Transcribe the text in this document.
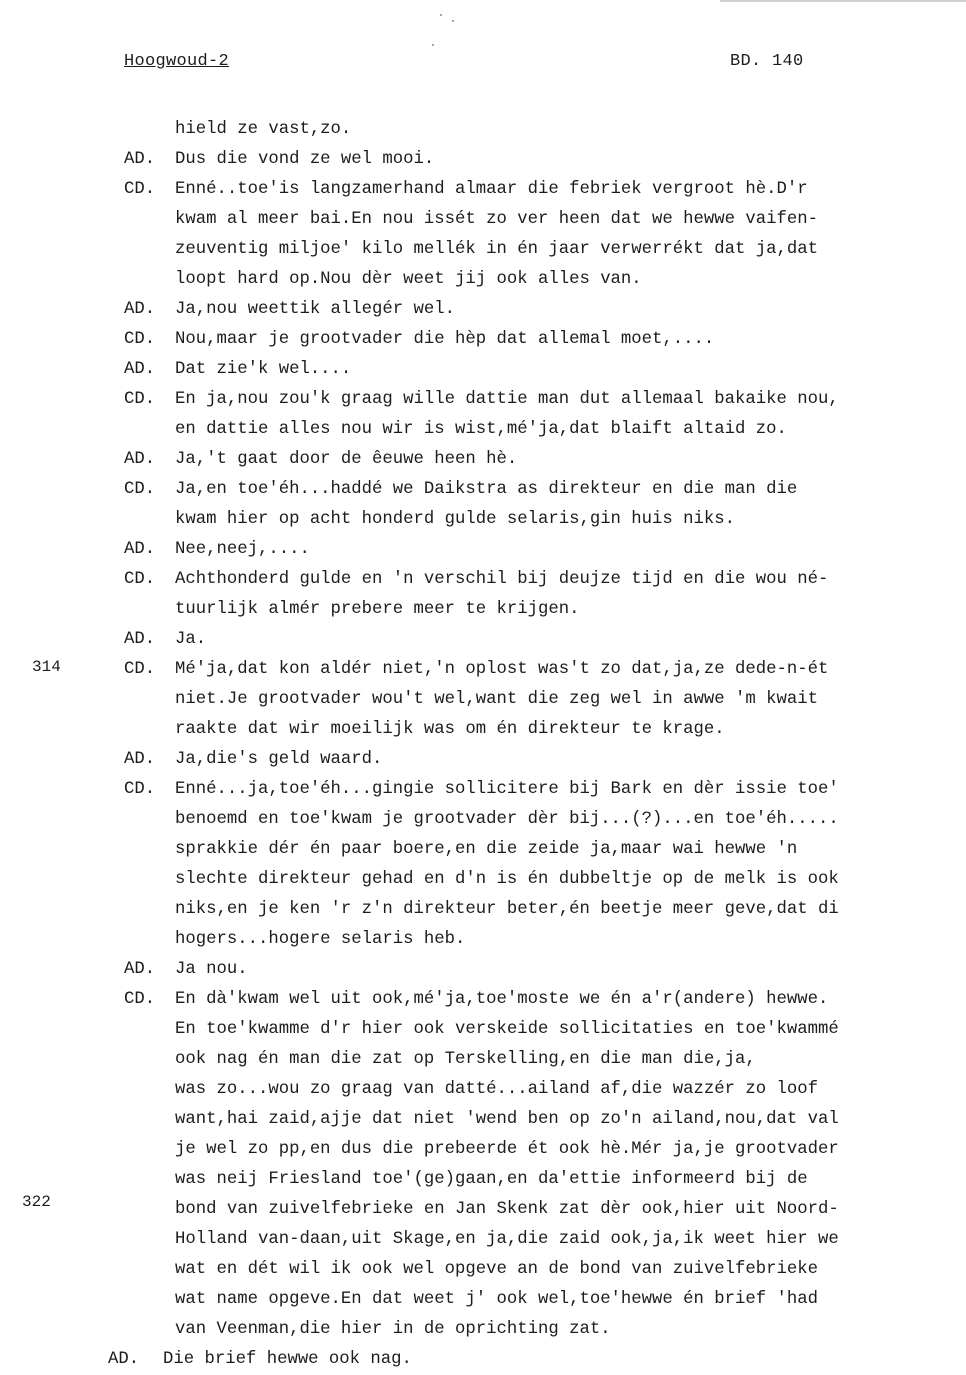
Hoogwoud-2	BD. 140
314
322
hield ze vast,zo.
AD. Dus die vond ze wel mooi.
CD. Enné..toe'is langzamerhand almaar die febriek vergroot hè.D'r
kwam al meer bai.En nou issét zo ver heen dat we hewwe vaifen-
zeuventig miljoe' kilo mellék in én jaar verwerrékt dat ja,dat
loopt hard op.Nou dèr weet jij ook alles van.
AD. Ja,nou weettik allegér wel.
CD. Nou,maar je grootvader die hèp dat allemal moet,....
AD. Dat zie'k wel....
CD. En ja,nou zou'k graag wille dattie man dut allemaal bakaike nou,
en dattie alles nou wir is wist,mé'ja,dat blaift altaid zo.
AD. Ja,'t gaat door de êeuwe heen hè.
CD. Ja,en toe'éh...haddé we Daikstra as direkteur en die man die
kwam hier op acht honderd gulde selaris,gin huis niks.
AD. Nee,neej,....
CD. Achthonderd gulde en 'n verschil bij deujze tijd en die wou né-
tuurlijk almér prebere meer te krijgen.
AD. Ja.
CD. Mé'ja,dat kon aldér niet,'n oplost was't zo dat,ja,ze dede-n-ét
niet.Je grootvader wou't wel,want die zeg wel in awwe 'm kwait
raakte dat wir moeilijk was om én direkteur te krage.
AD. Ja,die's geld waard.
CD. Enné...ja,toe'éh...gingie sollicitere bij Bark en dèr issie toe'
benoemd en toe'kwam je grootvader dèr bij...(?)...en toe'éh.....
sprakkie dér én paar boere,en die zeide ja,maar wai hewwe 'n
slechte direkteur gehad en d'n is én dubbeltje op de melk is ook
niks,en je ken 'r z'n direkteur beter,én beetje meer geve,dat di
hogers...hogere selaris heb.
AD. Ja nou.
CD. En dà'kwam wel uit ook,mé'ja,toe'moste we én a'r(andere) hewwe.
En toe'kwamme d'r hier ook verskeide sollicitaties en toe'kwammé
ook nag én man die zat op Terskelling,en die man die,ja,
was zo...wou zo graag van datté...ailand af,die wazzér zo loof
want,hai zaid,ajje dat niet 'wend ben op zo'n ailand,nou,dat val
je wel zo pp,en dus die prebeerde ét ook hè.Mér ja,je grootvader
was neij Friesland toe'(ge)gaan,en da'ettie informeerd bij de
bond van zuivelfebrieke en Jan Skenk zat dèr ook,hier uit Noord-
Holland van-daan,uit Skage,en ja,die zaid ook,ja,ik weet hier we
wat en dét wil ik ook wel opgeve an de bond van zuivelfebrieke
wat name opgeve.En dat weet j' ook wel,toe'hewwe én brief 'had
van Veenman,die hier in de oprichting zat.
AD. Die brief hewwe ook nag.
